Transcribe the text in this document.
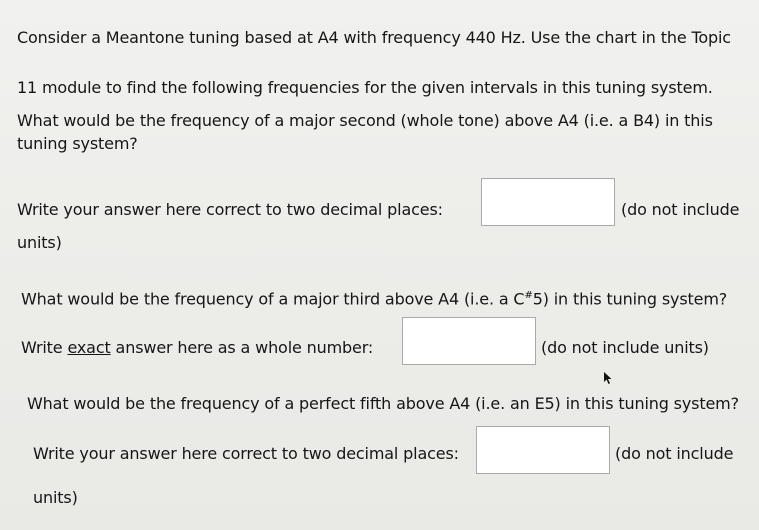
Consider a Meantone tuning based at A4 with frequency 440 Hz. Use the chart in the Topic
11 module to find the following frequencies for the given intervals in this tuning system.
What would be the frequency of a major second (whole tone) above A4 (i.e. a B4) in this
tuning system?
Write your answer here correct to two decimal places:	(do not include
units)
What would be the frequency of a major third above A4 (i.e. a C#5) in this tuning system?
Write exact answer here as a whole number:	(do not include units)
What would be the frequency of a perfect fifth above A4 (i.e. an E5) in this tuning system?
Write your answer here correct to two decimal places:	(do not include
units)
